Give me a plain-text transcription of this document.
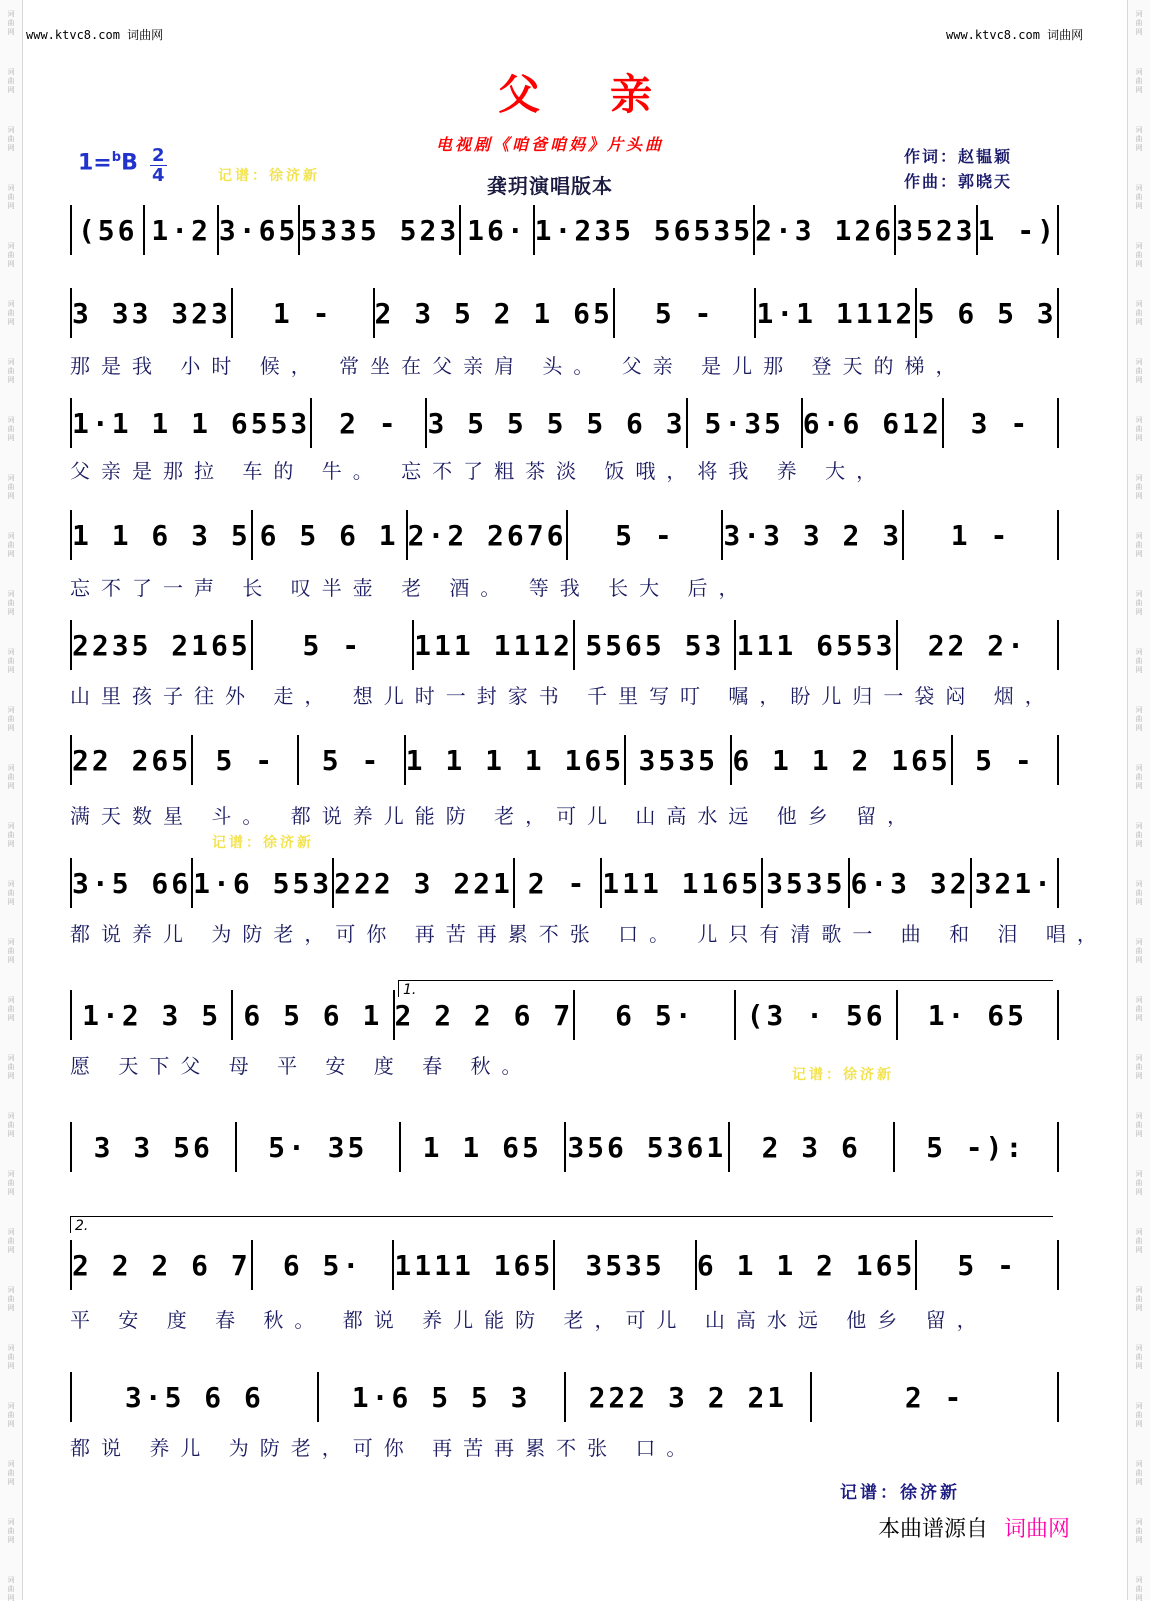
词
曲
网
词
曲
网
词
曲
网
词
曲
网
词
曲
网
词
曲
网
词
曲
网
词
曲
网
词
曲
网
词
曲
网
词
曲
网
词
曲
网
词
曲
网
词
曲
网
词
曲
网
词
曲
网
词
曲
网
词
曲
网
词
曲
网
词
曲
网
词
曲
网
词
曲
网
词
曲
网
词
曲
网
词
曲
网
词
曲
网
词
曲
网
词
曲
网
词
曲
网
词
曲
网
词
曲
网
词
曲
网
词
曲
网
词
曲
网
词
曲
网
词
曲
网
词
曲
网
词
曲
网
词
曲
网
词
曲
网
词
曲
网
词
曲
网
词
曲
网
词
曲
网
词
曲
网
词
曲
网
词
曲
网
词
曲
网
词
曲
网
词
曲
网
词
曲
网
词
曲
网
词
曲
网
词
曲
网
词
曲
网
词
曲
网
www.ktvc8.com 词曲网	www.ktvc8.com 词曲网
父亲
电视剧《咱爸咱妈》片头曲
龚玥演唱版本
$1=^bB \frac{2}{4}$	作词：赵韫颖
作曲：郭晓天
记谱：徐济新
记谱：徐济新
记谱：徐济新
记谱：徐济新
(56 1·2 3·65 5335 523 16· 1·235 56535 2·3 126 3523 1 -)
3 33 323	1 -	2 3 5 2 1 65	5 -	1·1 1112 5 6 5 3
那是我 小时 候， 常坐在父亲肩 头。 父亲 是儿那 登天的梯，
1·1 1 1 6553	2 -	3 5 5 5 5 6 3 5·35 6·6 612	3 -
父亲是那拉 车的 牛。 忘不了粗茶淡 饭哦，将我 养 大，
1 1 6 3 5 6 5 6 1 2·2 2676	5 -	3·3 3 2 3	1 -
忘不了一声 长 叹半壶 老 酒。 等我 长大 后，
2235 2165	5 -	111 1112 5565 53 111 6553	22 2·
山里孩子往外 走， 想儿时一封家书 千里写叮 嘱，盼儿归一袋闷 烟，
22 265 5 -	5 - 1 1 1 1 165 3535 6 1 1 2 165 5 -
满天数星 斗。 都说养儿能防 老，可儿 山高水远 他乡 留，
3·5 66 1·6 553 222 3 221 2 - 111 1165 3535 6·3 32 321·
都说养儿 为防老，可你 再苦再累不张 口。 儿只有清歌一 曲 和 泪 唱，
1·2 3 5 6 5 6 1 2 2 2 6 7	6 5·	(3 · 56	1· 65
愿 天下父 母 平 安 度 春 秋。
3 3 56	5· 35	1 1 65 356 5361	2 3 6	5 -):
2 2 2 6 7	6 5·	1111 165	3535	6 1 1 2 165	5 -
平 安 度 春 秋。 都说 养儿能防 老，可儿 山高水远 他乡 留，
3·5 6 6	1·6 5 5 3	222 3 2 21	2 -
都说 养儿 为防老，可你 再苦再累不张 口。
1.
2.
本曲谱源自 词曲网
